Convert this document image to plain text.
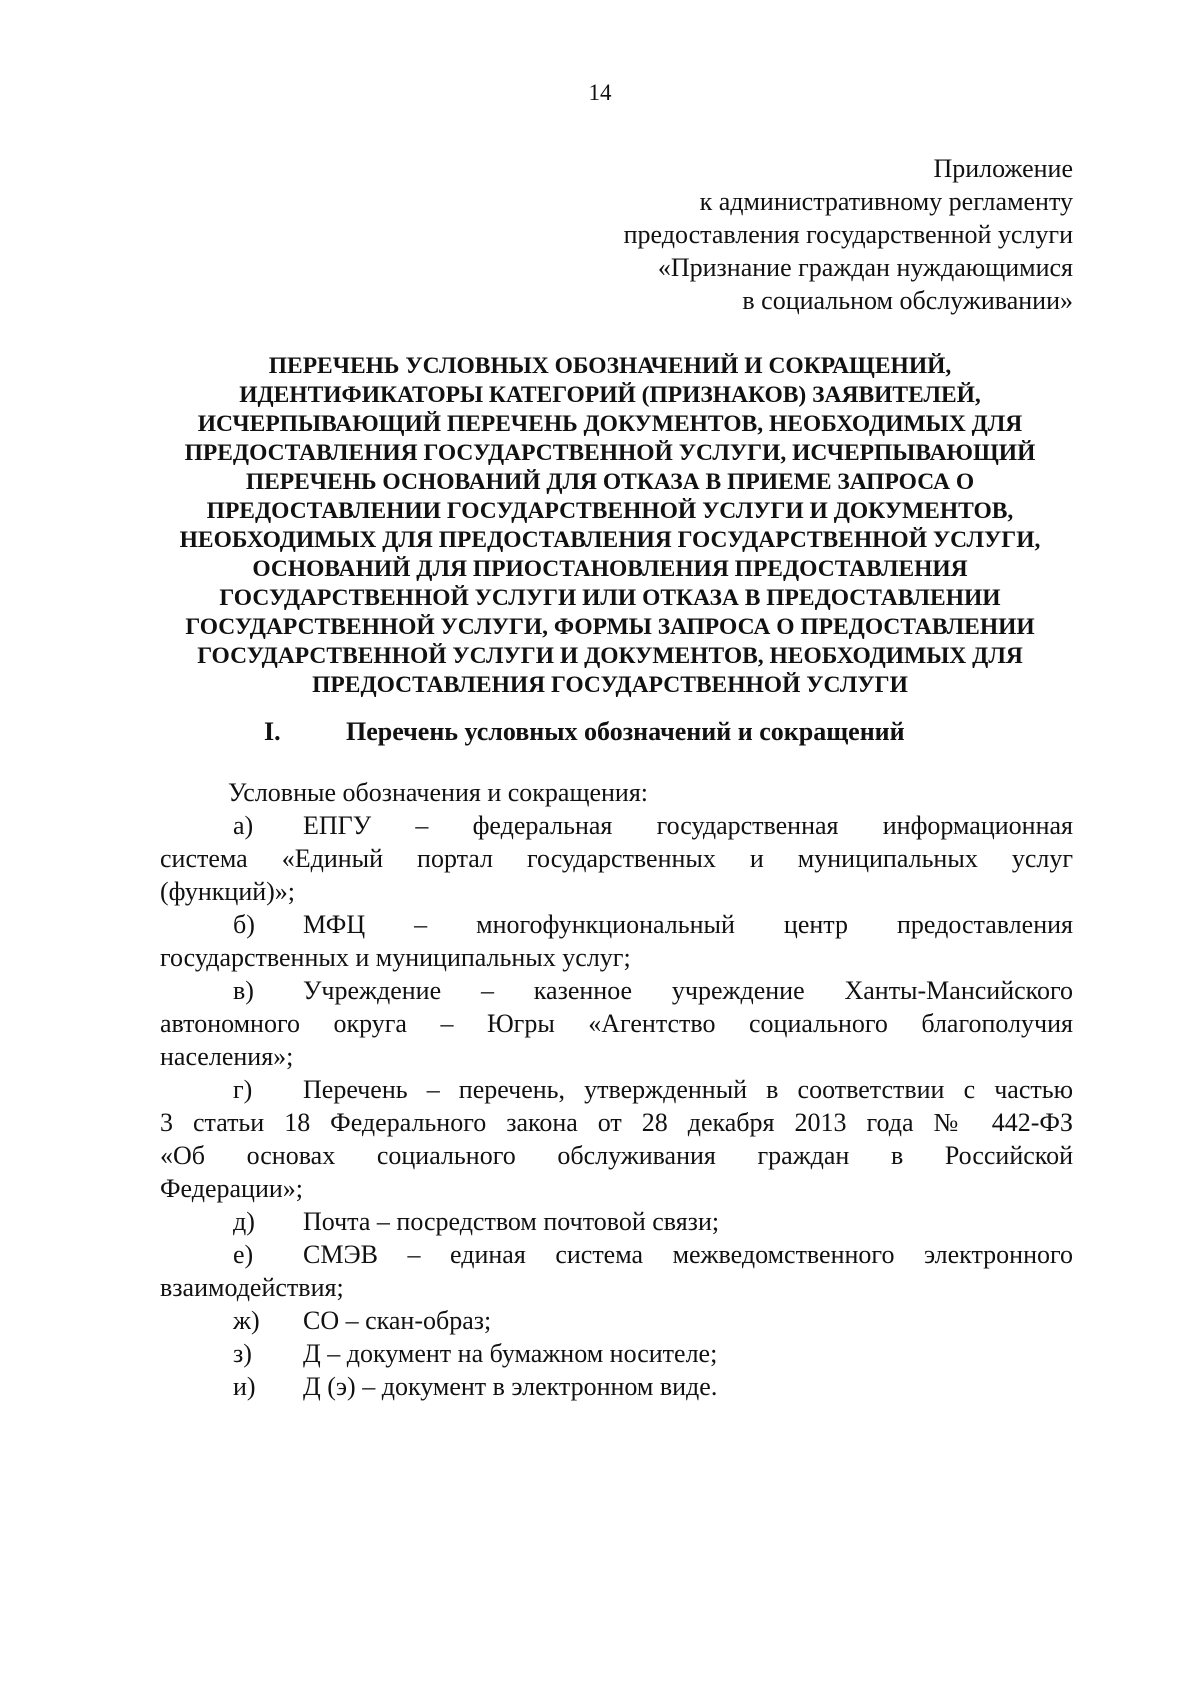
14
Приложение
к административному регламенту
предоставления государственной услуги
«Признание граждан нуждающимися
в социальном обслуживании»
ПЕРЕЧЕНЬ УСЛОВНЫХ ОБОЗНАЧЕНИЙ И СОКРАЩЕНИЙ,
ИДЕНТИФИКАТОРЫ КАТЕГОРИЙ (ПРИЗНАКОВ) ЗАЯВИТЕЛЕЙ,
ИСЧЕРПЫВАЮЩИЙ ПЕРЕЧЕНЬ ДОКУМЕНТОВ, НЕОБХОДИМЫХ ДЛЯ
ПРЕДОСТАВЛЕНИЯ ГОСУДАРСТВЕННОЙ УСЛУГИ, ИСЧЕРПЫВАЮЩИЙ
ПЕРЕЧЕНЬ ОСНОВАНИЙ ДЛЯ ОТКАЗА В ПРИЕМЕ ЗАПРОСА О
ПРЕДОСТАВЛЕНИИ ГОСУДАРСТВЕННОЙ УСЛУГИ И ДОКУМЕНТОВ,
НЕОБХОДИМЫХ ДЛЯ ПРЕДОСТАВЛЕНИЯ ГОСУДАРСТВЕННОЙ УСЛУГИ,
ОСНОВАНИЙ ДЛЯ ПРИОСТАНОВЛЕНИЯ ПРЕДОСТАВЛЕНИЯ
ГОСУДАРСТВЕННОЙ УСЛУГИ ИЛИ ОТКАЗА В ПРЕДОСТАВЛЕНИИ
ГОСУДАРСТВЕННОЙ УСЛУГИ, ФОРМЫ ЗАПРОСА О ПРЕДОСТАВЛЕНИИ
ГОСУДАРСТВЕННОЙ УСЛУГИ И ДОКУМЕНТОВ, НЕОБХОДИМЫХ ДЛЯ
ПРЕДОСТАВЛЕНИЯ ГОСУДАРСТВЕННОЙ УСЛУГИ
I.	Перечень условных обозначений и сокращений
Условные обозначения и сокращения:
а) ЕПГУ – федеральная государственная информационная
система «Единый портал государственных и муниципальных услуг
(функций)»;
б) МФЦ – многофункциональный центр предоставления
государственных и муниципальных услуг;
в) Учреждение – казенное учреждение Ханты-Мансийского
автономного округа – Югры «Агентство социального благополучия
населения»;
г) Перечень – перечень, утвержденный в соответствии с частью
3 статьи 18 Федерального закона от 28 декабря 2013 года № 442-ФЗ
«Об основах социального обслуживания граждан в Российской
Федерации»;
д) Почта – посредством почтовой связи;
е) СМЭВ – единая система межведомственного электронного
взаимодействия;
ж) СО – скан-образ;
з) Д – документ на бумажном носителе;
и) Д (э) – документ в электронном виде.
